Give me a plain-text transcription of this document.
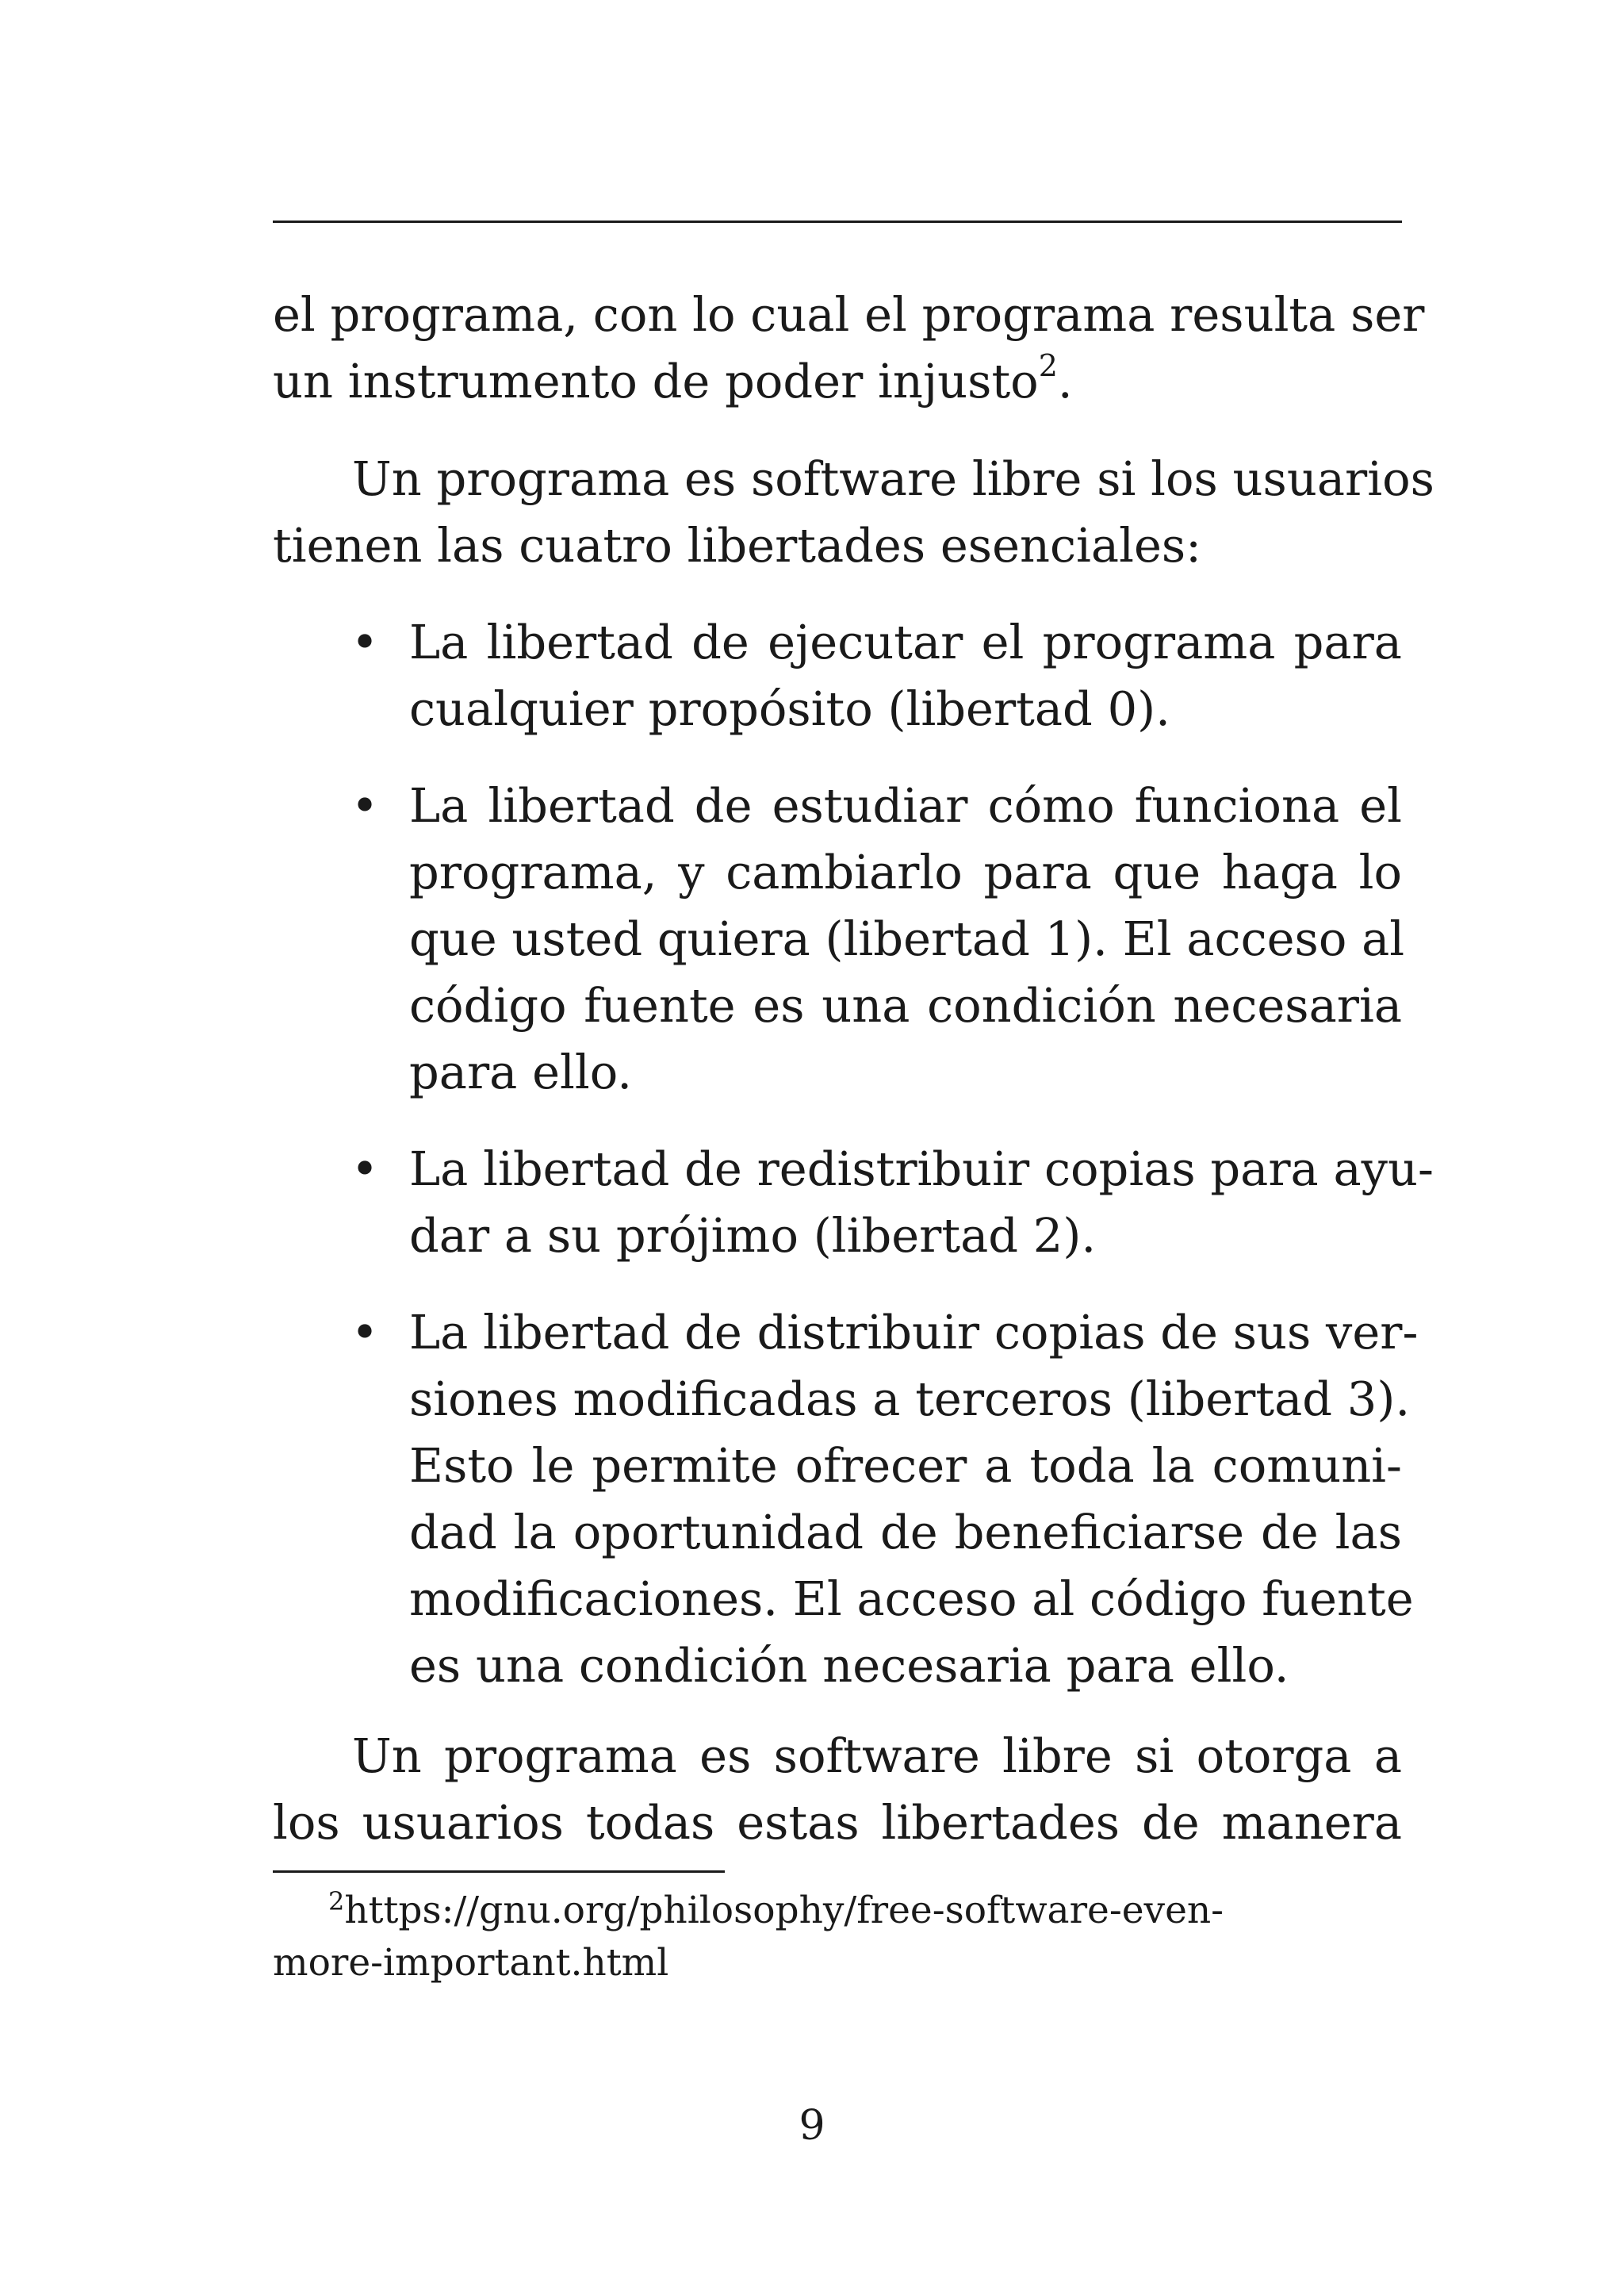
el programa, con lo cual el programa resulta ser
un instrumento de poder injusto$^2$.
Un programa es software libre si los usuarios
tienen las cuatro libertades esenciales:
• La libertad de ejecutar el programa para
cualquier propósito (libertad 0).
• La libertad de estudiar cómo funciona el
programa, y cambiarlo para que haga lo
que usted quiera (libertad 1). El acceso al
código fuente es una condición necesaria
para ello.
• La libertad de redistribuir copias para ayu-
dar a su prójimo (libertad 2).
• La libertad de distribuir copias de sus ver-
siones modificadas a terceros (libertad 3).
Esto le permite ofrecer a toda la comuni-
dad la oportunidad de beneficiarse de las
modificaciones. El acceso al código fuente
es una condición necesaria para ello.
Un programa es software libre si otorga a
los usuarios todas estas libertades de manera
$^2$https://gnu.org/philosophy/free-software-even-
more-important.html
9
